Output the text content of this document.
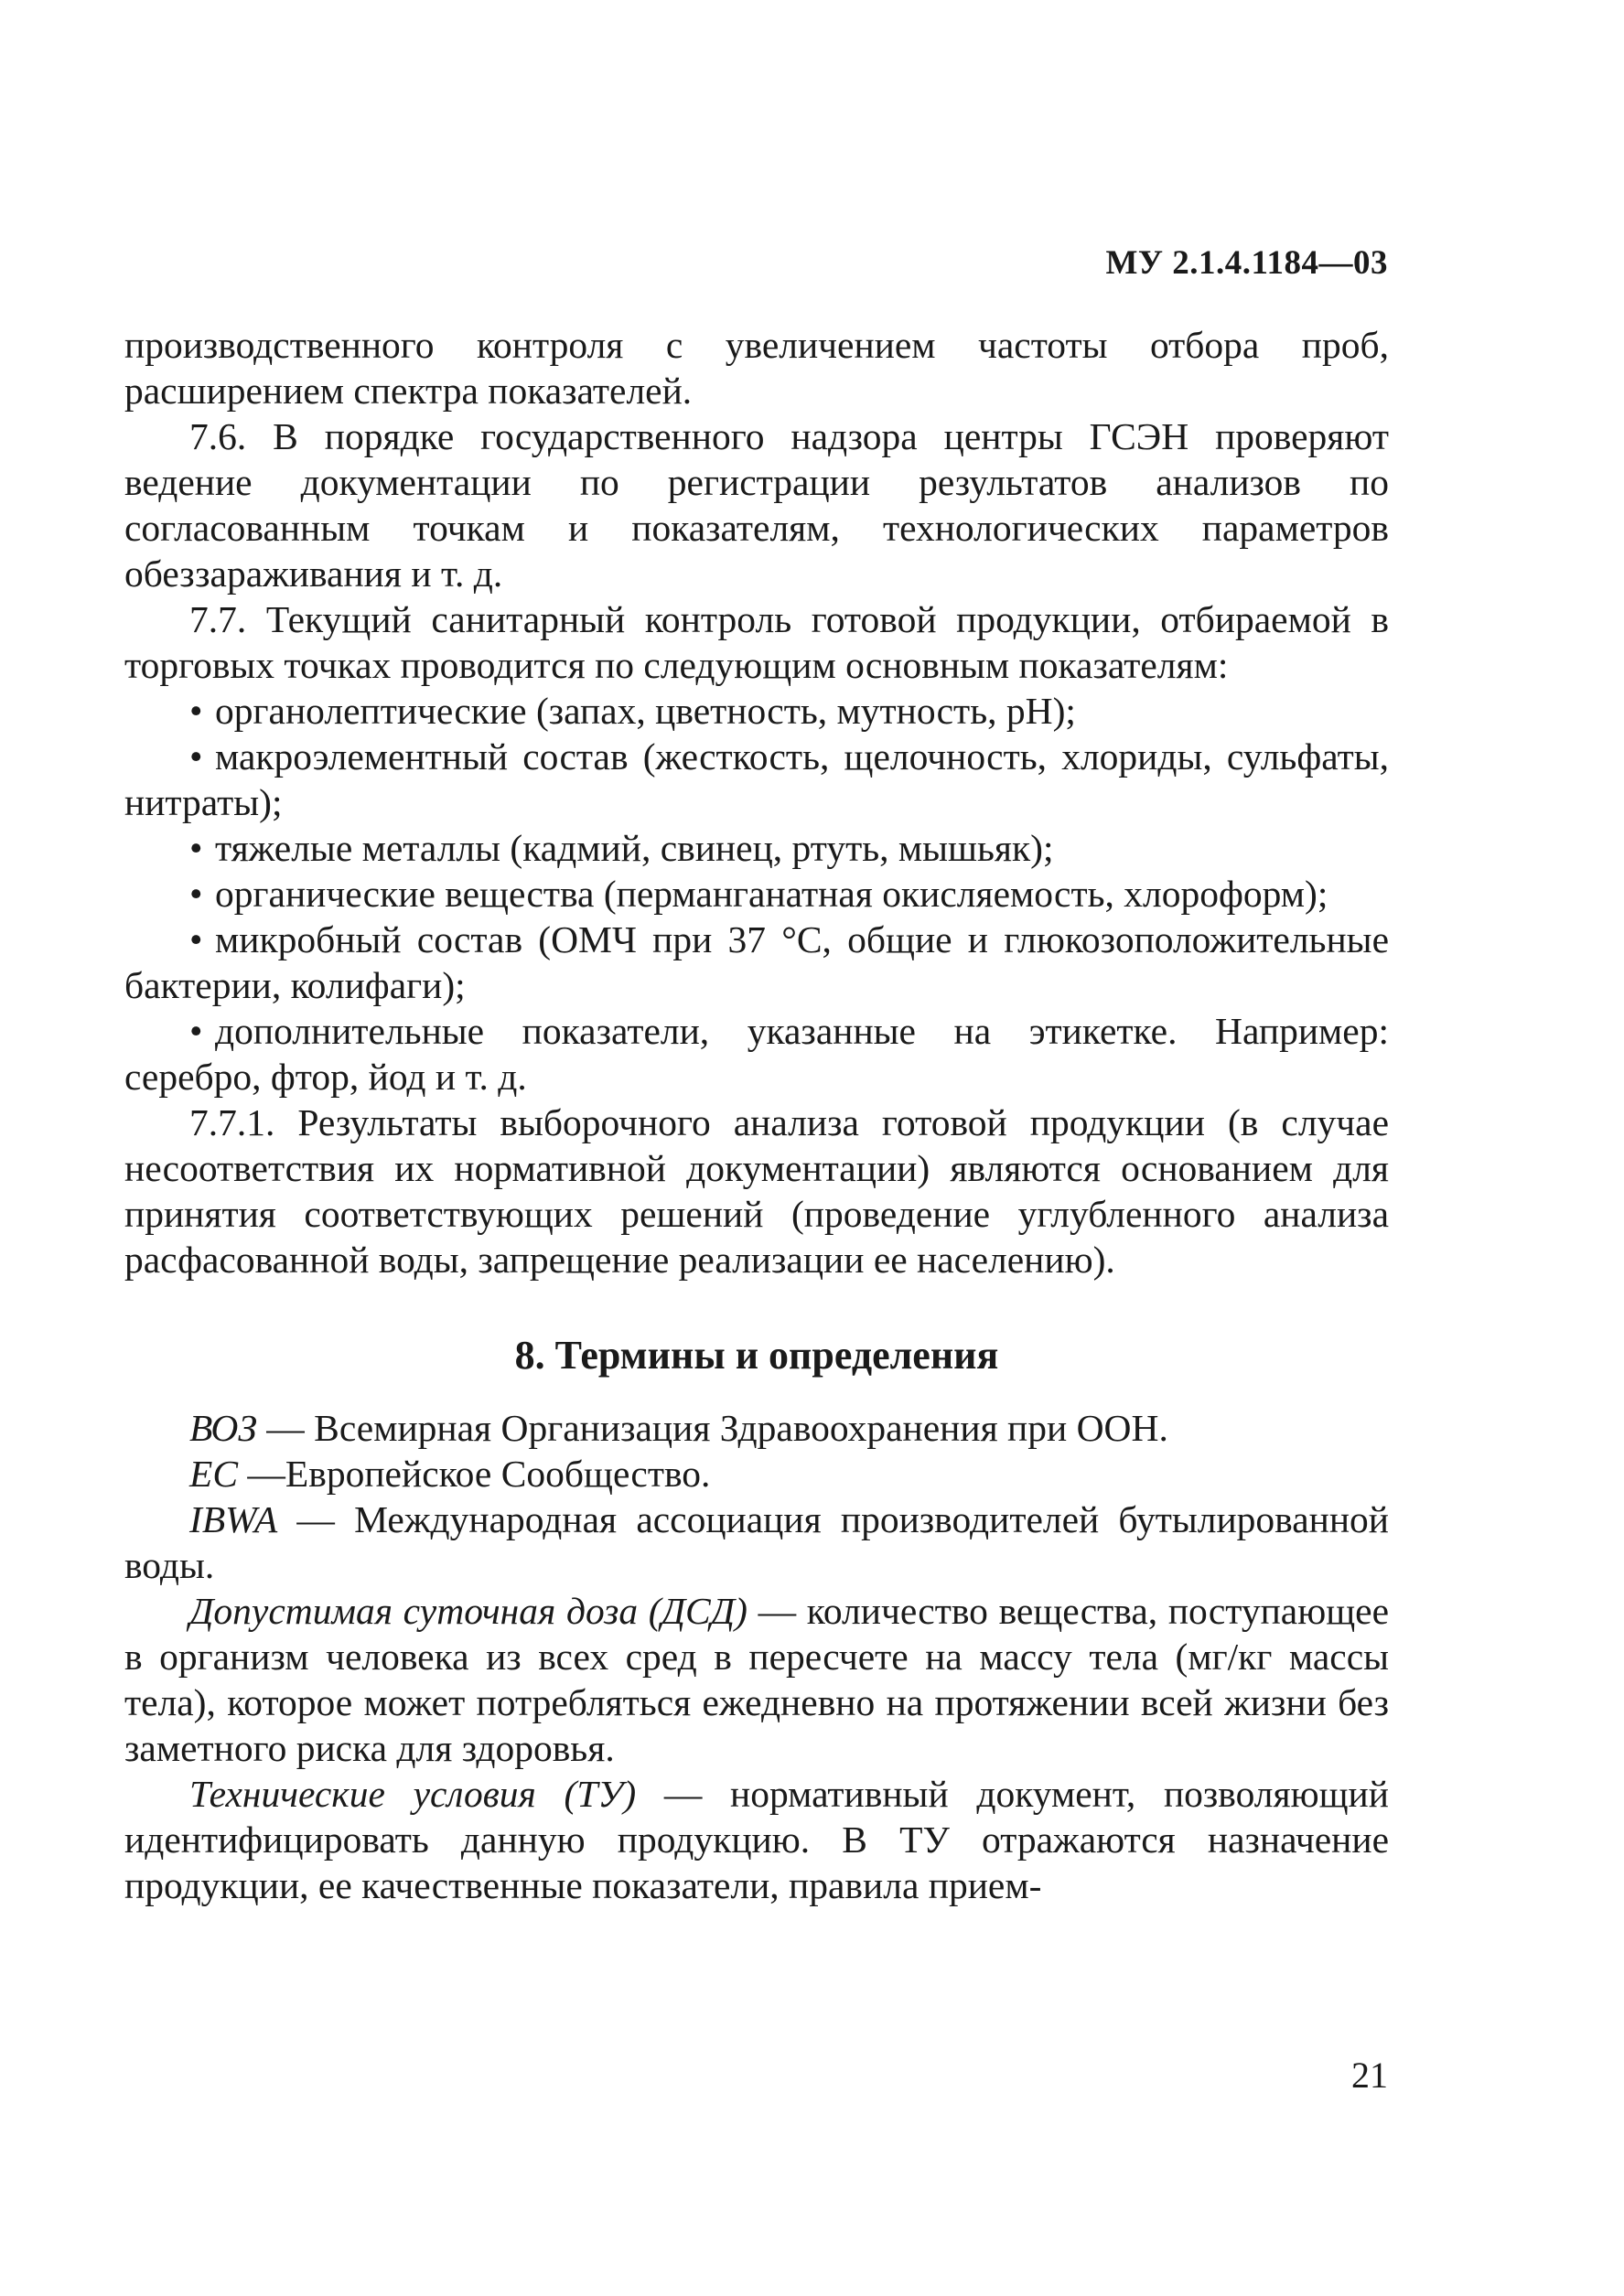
МУ 2.1.4.1184—03

производственного контроля с увеличением частоты отбора проб, расширением спектра показателей.

7.6. В порядке государственного надзора центры ГСЭН проверяют ведение документации по регистрации результатов анализов по согласованным точкам и показателям, технологических параметров обеззараживания и т. д.

7.7. Текущий санитарный контроль готовой продукции, отбираемой в торговых точках проводится по следующим основным показателям:

• органолептические (запах, цветность, мутность, pH);

• макроэлементный состав (жесткость, щелочность, хлориды, сульфаты, нитраты);

• тяжелые металлы (кадмий, свинец, ртуть, мышьяк);

• органические вещества (перманганатная окисляемость, хлороформ);

• микробный состав (ОМЧ при 37 °С, общие и глюкозоположительные бактерии, колифаги);

• дополнительные показатели, указанные на этикетке. Например: серебро, фтор, йод и т. д.

7.7.1. Результаты выборочного анализа готовой продукции (в случае несоответствия их нормативной документации) являются основанием для принятия соответствующих решений (проведение углубленного анализа расфасованной воды, запрещение реализации ее населению).

8. Термины и определения

ВОЗ — Всемирная Организация Здравоохранения при ООН.

ЕС —Европейское Сообщество.

IBWA — Международная ассоциация производителей бутылированной воды.

Допустимая суточная доза (ДСД) — количество вещества, поступающее в организм человека из всех сред в пересчете на массу тела (мг/кг массы тела), которое может потребляться ежедневно на протяжении всей жизни без заметного риска для здоровья.

Технические условия (ТУ) — нормативный документ, позволяющий идентифицировать данную продукцию. В ТУ отражаются назначение продукции, ее качественные показатели, правила прием-

21
